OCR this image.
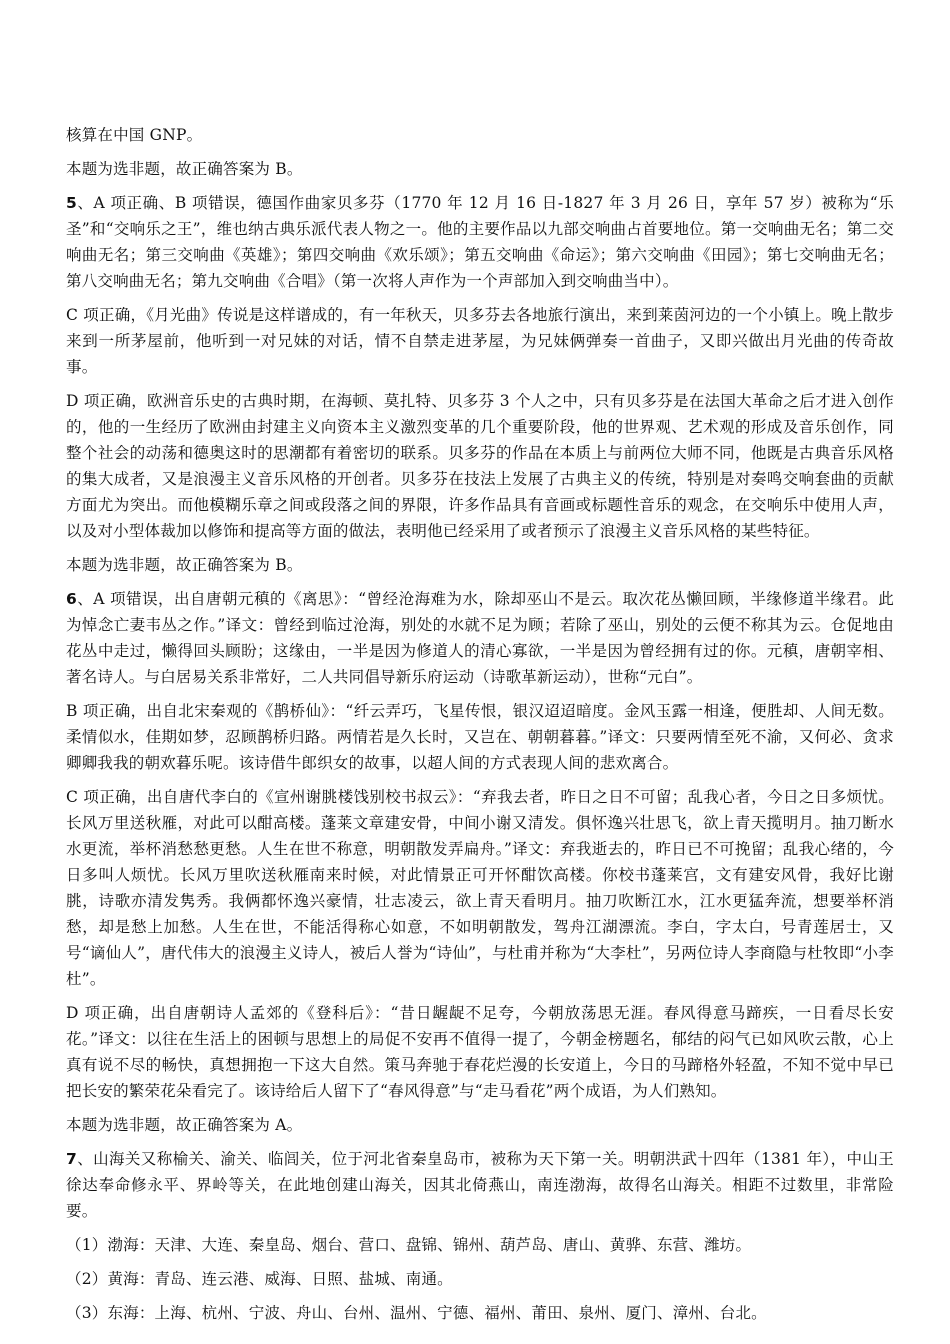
核算在中国 GNP。

本题为选非题，故正确答案为 B。

5、A 项正确、B 项错误，德国作曲家贝多芬（1770 年 12 月 16 日-1827 年 3 月 26 日，享年 57 岁）被称为“乐圣”和“交响乐之王”，维也纳古典乐派代表人物之一。他的主要作品以九部交响曲占首要地位。第一交响曲无名；第二交响曲无名；第三交响曲《英雄》；第四交响曲《欢乐颂》；第五交响曲《命运》；第六交响曲《田园》；第七交响曲无名；第八交响曲无名；第九交响曲《合唱》（第一次将人声作为一个声部加入到交响曲当中）。

C 项正确，《月光曲》传说是这样谱成的，有一年秋天，贝多芬去各地旅行演出，来到莱茵河边的一个小镇上。晚上散步来到一所茅屋前，他听到一对兄妹的对话，情不自禁走进茅屋，为兄妹俩弹奏一首曲子，又即兴做出月光曲的传奇故事。

D 项正确，欧洲音乐史的古典时期，在海顿、莫扎特、贝多芬 3 个人之中，只有贝多芬是在法国大革命之后才进入创作的，他的一生经历了欧洲由封建主义向资本主义激烈变革的几个重要阶段，他的世界观、艺术观的形成及音乐创作，同整个社会的动荡和德奥这时的思潮都有着密切的联系。贝多芬的作品在本质上与前两位大师不同，他既是古典音乐风格的集大成者，又是浪漫主义音乐风格的开创者。贝多芬在技法上发展了古典主义的传统，特别是对奏鸣交响套曲的贡献方面尤为突出。而他模糊乐章之间或段落之间的界限，许多作品具有音画或标题性音乐的观念，在交响乐中使用人声，以及对小型体裁加以修饰和提高等方面的做法，表明他已经采用了或者预示了浪漫主义音乐风格的某些特征。

本题为选非题，故正确答案为 B。

6、A 项错误，出自唐朝元稹的《离思》：“曾经沧海难为水，除却巫山不是云。取次花丛懒回顾，半缘修道半缘君。此为悼念亡妻韦丛之作。”译文：曾经到临过沧海，别处的水就不足为顾；若除了巫山，别处的云便不称其为云。仓促地由花丛中走过，懒得回头顾盼；这缘由，一半是因为修道人的清心寡欲，一半是因为曾经拥有过的你。元稹，唐朝宰相、著名诗人。与白居易关系非常好，二人共同倡导新乐府运动（诗歌革新运动），世称“元白”。

B 项正确，出自北宋秦观的《鹊桥仙》：“纤云弄巧，飞星传恨，银汉迢迢暗度。金风玉露一相逢，便胜却、人间无数。柔情似水，佳期如梦，忍顾鹊桥归路。两情若是久长时，又岂在、朝朝暮暮。”译文：只要两情至死不渝，又何必、贪求卿卿我我的朝欢暮乐呢。该诗借牛郎织女的故事，以超人间的方式表现人间的悲欢离合。

C 项正确，出自唐代李白的《宣州谢朓楼饯别校书叔云》：“弃我去者，昨日之日不可留；乱我心者，今日之日多烦忧。长风万里送秋雁，对此可以酣高楼。蓬莱文章建安骨，中间小谢又清发。俱怀逸兴壮思飞，欲上青天揽明月。抽刀断水水更流，举杯消愁愁更愁。人生在世不称意，明朝散发弄扁舟。”译文：弃我逝去的，昨日已不可挽留；乱我心绪的，今日多叫人烦忧。长风万里吹送秋雁南来时候，对此情景正可开怀酣饮高楼。你校书蓬莱宫，文有建安风骨，我好比谢朓，诗歌亦清发隽秀。我俩都怀逸兴豪情，壮志凌云，欲上青天看明月。抽刀吹断江水，江水更猛奔流，想要举杯消愁，却是愁上加愁。人生在世，不能活得称心如意，不如明朝散发，驾舟江湖漂流。李白，字太白，号青莲居士，又号“谪仙人”，唐代伟大的浪漫主义诗人，被后人誉为“诗仙”，与杜甫并称为“大李杜”，另两位诗人李商隐与杜牧即“小李杜”。

D 项正确，出自唐朝诗人孟郊的《登科后》：“昔日龌龊不足夸，今朝放荡思无涯。春风得意马蹄疾，一日看尽长安花。”译文：以往在生活上的困顿与思想上的局促不安再不值得一提了，今朝金榜题名，郁结的闷气已如风吹云散，心上真有说不尽的畅快，真想拥抱一下这大自然。策马奔驰于春花烂漫的长安道上，今日的马蹄格外轻盈，不知不觉中早已把长安的繁荣花朵看完了。该诗给后人留下了“春风得意”与“走马看花”两个成语，为人们熟知。

本题为选非题，故正确答案为 A。

7、山海关又称榆关、渝关、临闾关，位于河北省秦皇岛市，被称为天下第一关。明朝洪武十四年（1381 年），中山王徐达奉命修永平、界岭等关，在此地创建山海关，因其北倚燕山，南连渤海，故得名山海关。相距不过数里，非常险要。

（1）渤海：天津、大连、秦皇岛、烟台、营口、盘锦、锦州、葫芦岛、唐山、黄骅、东营、潍坊。

（2）黄海：青岛、连云港、威海、日照、盐城、南通。

（3）东海：上海、杭州、宁波、舟山、台州、温州、宁德、福州、莆田、泉州、厦门、漳州、台北。
